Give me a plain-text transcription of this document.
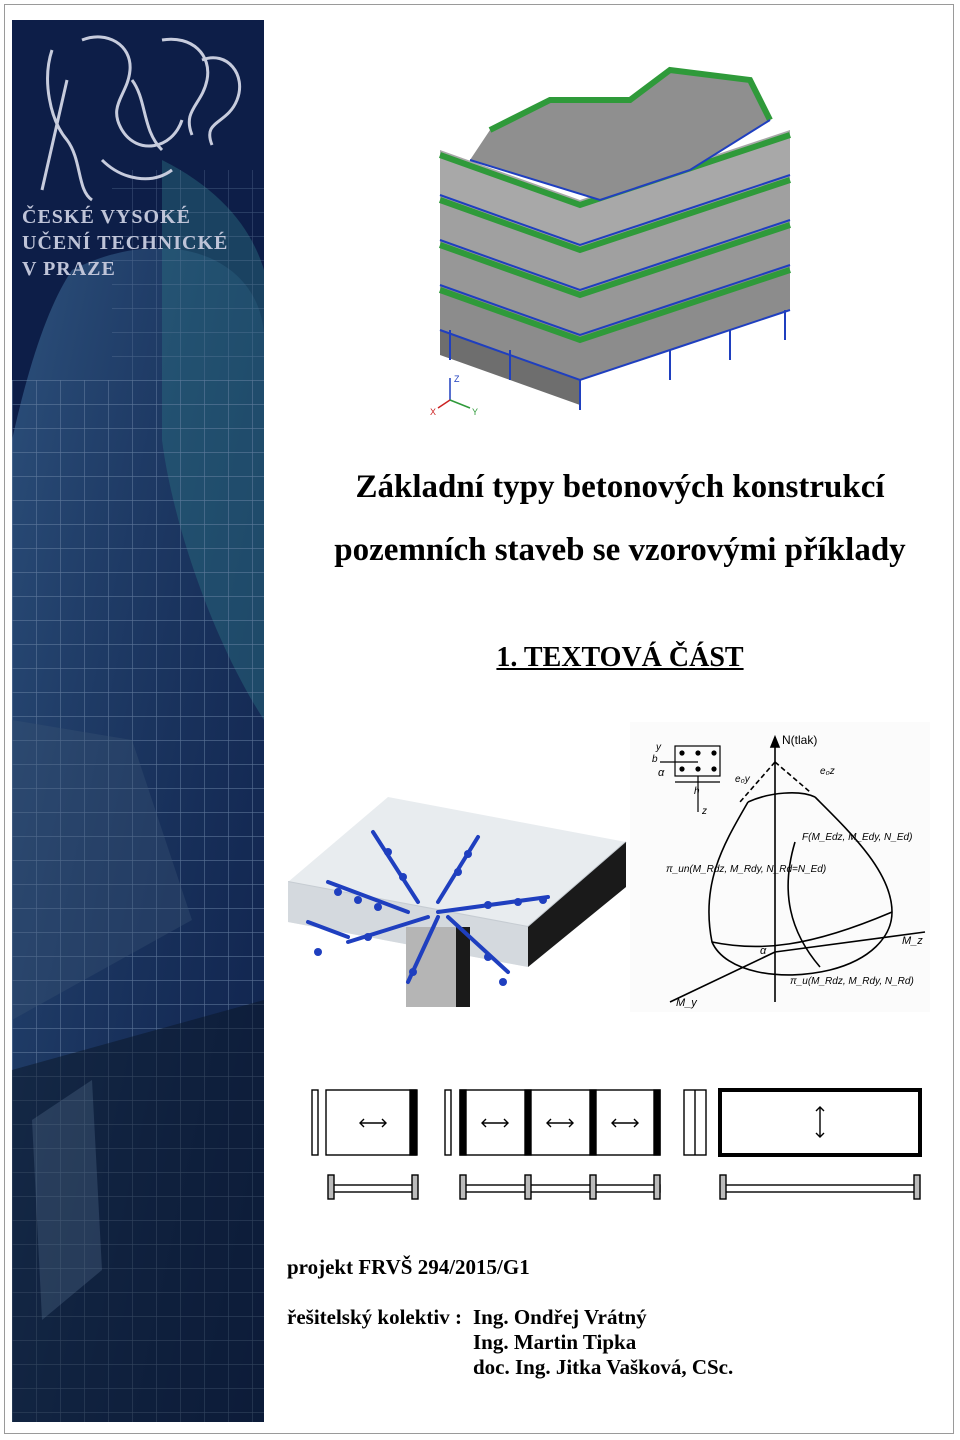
ČESKÉ VYSOKÉ
UČENÍ TECHNICKÉ
V PRAZE
Z
X	Y
Základní typy betonových konstrukcí
pozemních staveb se vzorovými příklady
1. TEXTOVÁ ČÁST
b
α
h
y
z
N(tlak)
e₀y
e₀z
F(M_Edz, M_Edy, N_Ed)
π_un(M_Rdz, M_Rdy, N_Rd=N_Ed)
π_u(M_Rdz, M_Rdy, N_Rd)
M_z
M_y
α

projekt FRVŠ 294/2015/G1

řešitelský kolektiv : Ing. Ondřej Vrátný
Ing. Martin Tipka
doc. Ing. Jitka Vašková, CSc.
